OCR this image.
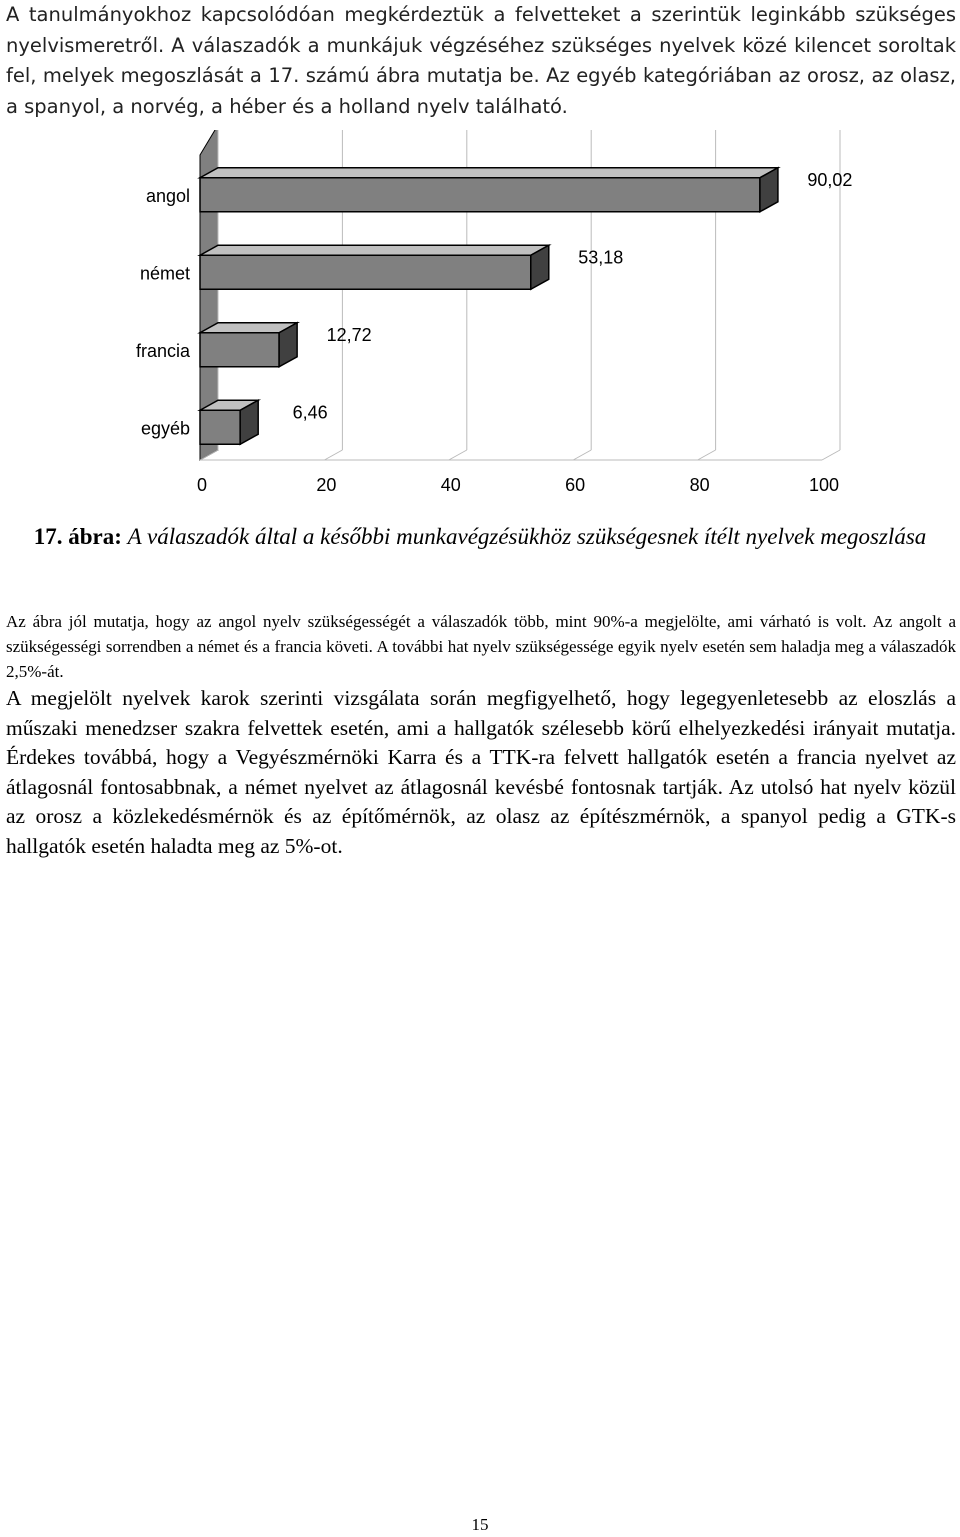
A tanulmányokhoz kapcsolódóan megkérdeztük a felvetteket a szerintük leginkább szükséges nyelvismeretről. A válaszadók a munkájuk végzéséhez szükséges nyelvek közé kilencet soroltak fel, melyek megoszlását a 17. számú ábra mutatja be. Az egyéb kategóriában az orosz, az olasz, a spanyol, a norvég, a héber és a holland nyelv található.

0	20	40	60	80	100
angol
90,02
német
53,18
francia
12,72
egyéb
6,46

17. ábra: A válaszadók által a későbbi munkavégzésükhöz szükségesnek ítélt nyelvek megoszlása

Az ábra jól mutatja, hogy az angol nyelv szükségességét a válaszadók több, mint 90%-a megjelölte, ami várható is volt. Az angolt a szükségességi sorrendben a német és a francia követi. A további hat nyelv szükségessége egyik nyelv esetén sem haladja meg a válaszadók 2,5%-át.

A megjelölt nyelvek karok szerinti vizsgálata során megfigyelhető, hogy legegyenletesebb az eloszlás a műszaki menedzser szakra felvettek esetén, ami a hallgatók szélesebb körű elhelyezkedési irányait mutatja. Érdekes továbbá, hogy a Vegyészmérnöki Karra és a TTK-ra felvett hallgatók esetén a francia nyelvet az átlagosnál fontosabbnak, a német nyelvet az átlagosnál kevésbé fontosnak tartják. Az utolsó hat nyelv közül az orosz a közlekedésmérnök és az építőmérnök, az olasz az építészmérnök, a spanyol pedig a GTK-s hallgatók esetén haladta meg az 5%-ot.

15
